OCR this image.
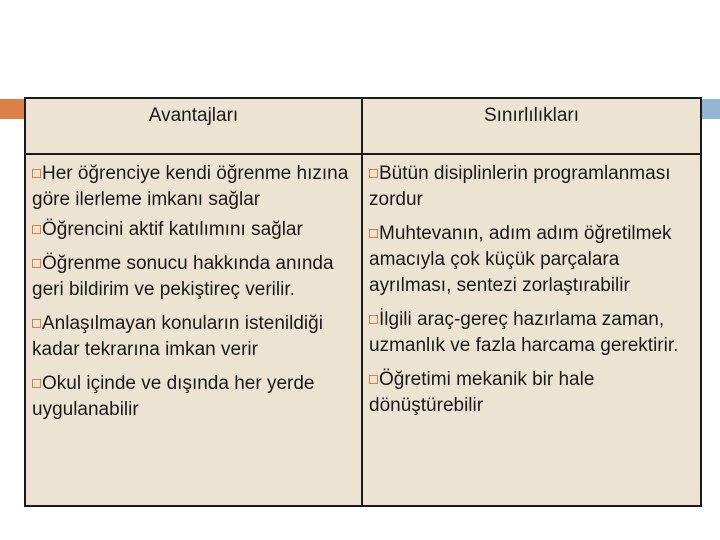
Avantajları	Sınırlılıkları
Her öğrenciye kendi öğrenme hızına göre ilerleme imkanı sağlar
Öğrencini aktif katılımını sağlar
Öğrenme sonucu hakkında anında geri bildirim ve pekiştireç verilir.
Anlaşılmayan konuların istenildiği kadar tekrarına imkan verir
Okul içinde ve dışında her yerde uygulanabilir
Bütün disiplinlerin programlanması zordur
Muhtevanın, adım adım öğretilmek amacıyla çok küçük parçalara ayrılması, sentezi zorlaştırabilir
İlgili araç-gereç hazırlama zaman, uzmanlık ve fazla harcama gerektirir.
Öğretimi mekanik bir hale dönüştürebilir
